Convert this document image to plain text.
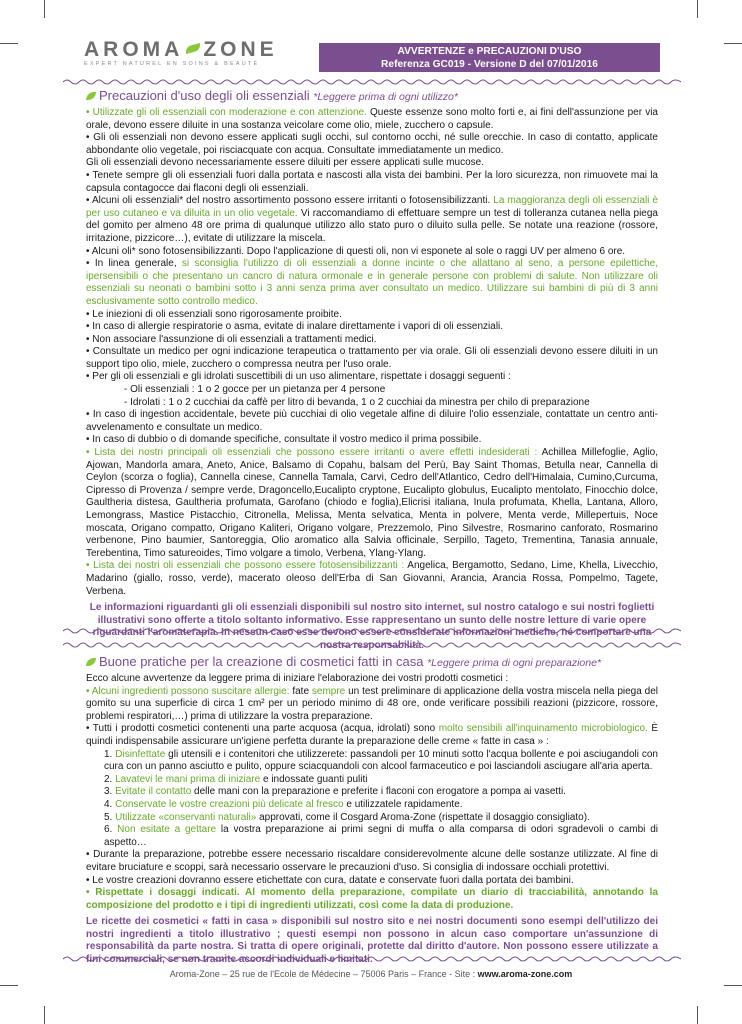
AROMA ZONE
EXPERT NATUREL EN SOINS & BEAUTÉ
AVVERTENZE e PRECAUZIONI D'USO
Referenza GC019 - Versione D del 07/01/2016
Precauzioni d'uso degli oli essenziali *Leggere prima di ogni utilizzo*

• Utilizzate gli oli essenziali con moderazione e con attenzione. Queste essenze sono molto forti e, ai fini dell'assunzione per via orale, devono essere diluite in una sostanza veicolare come olio, miele, zucchero o capsule.

• Gli oli essenziali non devono essere applicati sugli occhi, sul contorno occhi, né sulle orecchie. In caso di contatto, applicate abbondante olio vegetale, poi risciacquate con acqua. Consultate immediatamente un medico.

Gli oli essenziali devono necessariamente essere diluiti per essere applicati sulle mucose.

• Tenete sempre gli oli essenziali fuori dalla portata e nascosti alla vista dei bambini. Per la loro sicurezza, non rimuovete mai la capsula contagocce dai flaconi degli oli essenziali.

• Alcuni oli essenziali* del nostro assortimento possono essere irritanti o fotosensibilizzanti. La maggioranza degli oli essenziali è per uso cutaneo e va diluita in un olio vegetale. Vi raccomandiamo di effettuare sempre un test di tolleranza cutanea nella piega del gomito per almeno 48 ore prima di qualunque utilizzo allo stato puro o diluito sulla pelle. Se notate una reazione (rossore, irritazione, pizzicore…), evitate di utilizzare la miscela.

• Alcuni oli* sono fotosensibilizzanti. Dopo l'applicazione di questi oli, non vi esponete al sole o raggi UV per almeno 6 ore.

• In linea generale, si sconsiglia l'utilizzo di oli essenziali a donne incinte o che allattano al seno, a persone epilettiche, ipersensibili o che presentano un cancro di natura ormonale e in generale persone con problemi di salute. Non utilizzare oli essenziali su neonati o bambini sotto i 3 anni senza prima aver consultato un medico. Utilizzare sui bambini di più di 3 anni esclusivamente sotto controllo medico.

• Le iniezioni di oli essenziali sono rigorosamente proibite.

• In caso di allergie respiratorie o asma, evitate di inalare direttamente i vapori di oli essenziali.

• Non associare l'assunzione di oli essenziali a trattamenti medici.

• Consultate un medico per ogni indicazione terapeutica o trattamento per via orale. Gli oli essenziali devono essere diluiti in un support tipo olio, miele, zucchero o compressa neutra per l'uso orale.

• Per gli oli essenziali e gli idrolati suscettibili di un uso alimentare, rispettate i dosaggi seguenti :

- Oli essenziali : 1 o 2 gocce per un pietanza per 4 persone

- Idrolati : 1 o 2 cucchiai da caffè per litro di bevanda, 1 o 2 cucchiai da minestra per chilo di preparazione

• In caso di ingestion accidentale, bevete più cucchiai di olio vegetale alfine di diluire l'olio essenziale, contattate un centro anti-avvelenamento e consultate un medico.

• In caso di dubbio o di domande specifiche, consultate il vostro medico il prima possibile.

• Lista dei nostri principali oli essenziali che possono essere irritanti o avere effetti indesiderati : Achillea Millefoglie, Aglio, Ajowan, Mandorla amara, Aneto, Anice, Balsamo di Copahu, balsam del Perù, Bay Saint Thomas, Betulla near, Cannella di Ceylon (scorza o foglia), Cannella cinese, Cannella Tamala, Carvi, Cedro dell'Atlantico, Cedro dell'Himalaia, Cumino,Curcuma, Cipresso di Provenza / sempre verde, Dragoncello,Eucalipto cryptone, Eucalipto globulus, Eucalipto mentolato, Finocchio dolce, Gaultheria distesa, Gaultheria profumata, Garofano (chiodo e foglia),Elicrisi italiana, Inula profumata, Khella, Lantana, Alloro, Lemongrass, Mastice Pistacchio, Citronella, Melissa, Menta selvatica, Menta in polvere, Menta verde, Millepertuis, Noce moscata, Origano compatto, Origano Kaliteri, Origano volgare, Prezzemolo, Pino Silvestre, Rosmarino canforato, Rosmarino verbenone, Pino baumier, Santoreggia, Olio aromatico alla Salvia officinale, Serpillo, Tageto, Trementina, Tanasia annuale, Terebentina, Timo satureoides, Timo volgare a timolo, Verbena, Ylang-Ylang.

• Lista dei nostri oli essenziali che possono essere fotosensibilizzanti : Angelica, Bergamotto, Sedano, Lime, Khella, Livecchio, Madarino (giallo, rosso, verde), macerato oleoso dell'Erba di San Giovanni, Arancia, Arancia Rossa, Pompelmo, Tagete, Verbena.

Le informazioni riguardanti gli oli essenziali disponibili sul nostro sito internet, sul nostro catalogo e sui nostri foglietti illustrativi sono offerte a titolo soltanto informativo. Esse rappresentano un sunto delle nostre letture di varie opere riguardanti l'aromaterapia. In nessun caso esse devono essere considerate informazioni mediche, né comportare una nostra responsabilità.

Buone pratiche per la creazione di cosmetici fatti in casa *Leggere prima di ogni preparazione*

Ecco alcune avvertenze da leggere prima di iniziare l'elaborazione dei vostri prodotti cosmetici :

• Alcuni ingredienti possono suscitare allergie: fate sempre un test preliminare di applicazione della vostra miscela nella piega del gomito su una superficie di circa 1 cm² per un periodo minimo di 48 ore, onde verificare possibili reazioni (pizzicore, rossore, problemi respiratori,…) prima di utilizzare la vostra preparazione.

• Tutti i prodotti cosmetici contenenti una parte acquosa (acqua, idrolati) sono molto sensibili all'inquinamento microbiologico. È quindi indispensabile assicurare un'igiene perfetta durante la preparazione delle creme « fatte in casa » :

1. Disinfettate gli utensili e i contenitori che utilizzerete: passandoli per 10 minuti sotto l'acqua bollente e poi asciugandoli con cura con un panno asciutto e pulito, oppure sciacquandoli con alcool farmaceutico e poi lasciandoli asciugare all'aria aperta.

2. Lavatevi le mani prima di iniziare e indossate guanti puliti

3. Evitate il contatto delle mani con la preparazione e preferite i flaconi con erogatore a pompa ai vasetti.

4. Conservate le vostre creazioni più delicate al fresco e utilizzatele rapidamente.

5. Utilizzate «conservanti naturali» approvati, come il Cosgard Aroma-Zone (rispettate il dosaggio consigliato).

6. Non esitate a gettare la vostra preparazione ai primi segni di muffa o alla comparsa di odori sgradevoli o cambi di aspetto…

• Durante la preparazione, potrebbe essere necessario riscaldare considerevolmente alcune delle sostanze utilizzate. Al fine di evitare bruciature e scoppi, sarà necessario osservare le precauzioni d'uso. Si consiglia di indossare occhiali protettivi.

• Le vostre creazioni dovranno essere etichettate con cura, datate e conservate fuori dalla portata dei bambini.

• Rispettate i dosaggi indicati. Al momento della preparazione, compilate un diario di tracciabilità, annotando la composizione del prodotto e i tipi di ingredienti utilizzati, così come la data di produzione.

Le ricette dei cosmetici « fatti in casa » disponibili sul nostro sito e nei nostri documenti sono esempi dell'utilizzo dei nostri ingredienti a titolo illustrativo ; questi esempi non possono in alcun caso comportare un'assunzione di responsabilità da parte nostra. Si tratta di opere originali, protette dal diritto d'autore. Non possono essere utilizzate a fini commerciali, se non tramite accordi individuali e limitati.

Aroma-Zone – 25 rue de l'Ecole de Médecine – 75006 Paris – France - Site : www.aroma-zone.com
